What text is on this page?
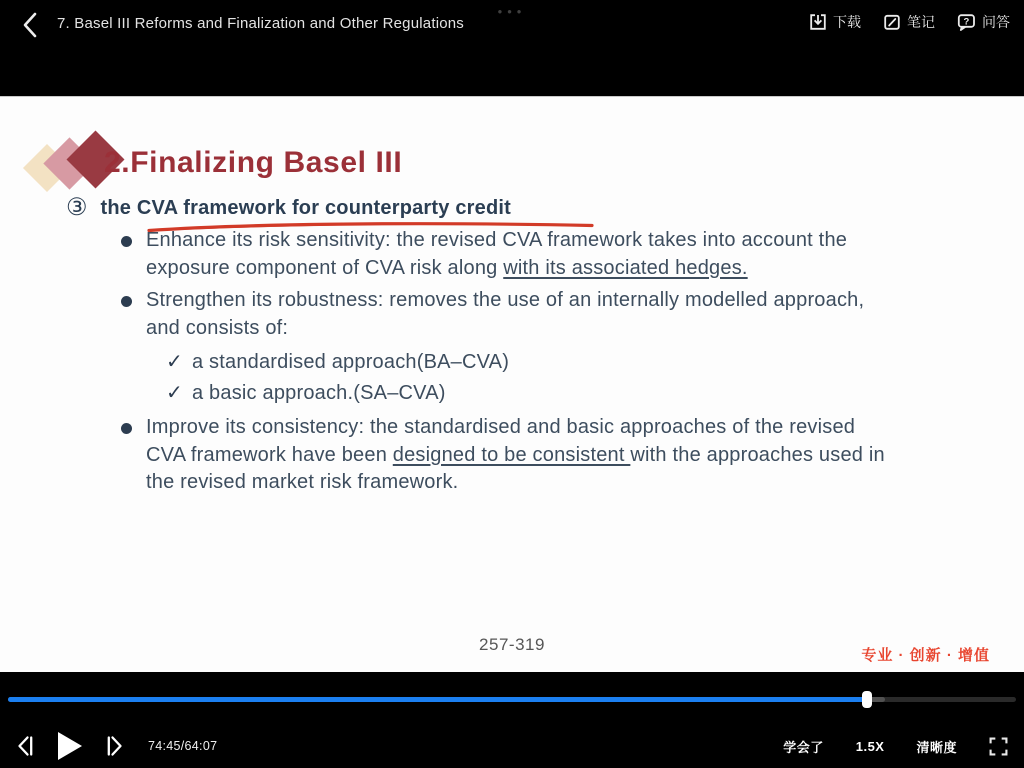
7. Basel III Reforms and Finalization and Other Regulations
•••
下载	笔记	? 问答
2.Finalizing Basel III
③ the CVA framework for counterparty credit
Enhance its risk sensitivity: the revised CVA framework takes into account the exposure component of CVA risk along with its associated hedges.
Strengthen its robustness: removes the use of an internally modelled approach, and consists of:
✓ a standardised approach(BA–CVA)
✓ a basic approach.(SA–CVA)
Improve its consistency: the standardised and basic approaches of the revised CVA framework have been designed to be consistent with the approaches used in the revised market risk framework.
257-319
专业 · 创新 · 增值
74:45/64:07	学会了 1.5X 清晰度
